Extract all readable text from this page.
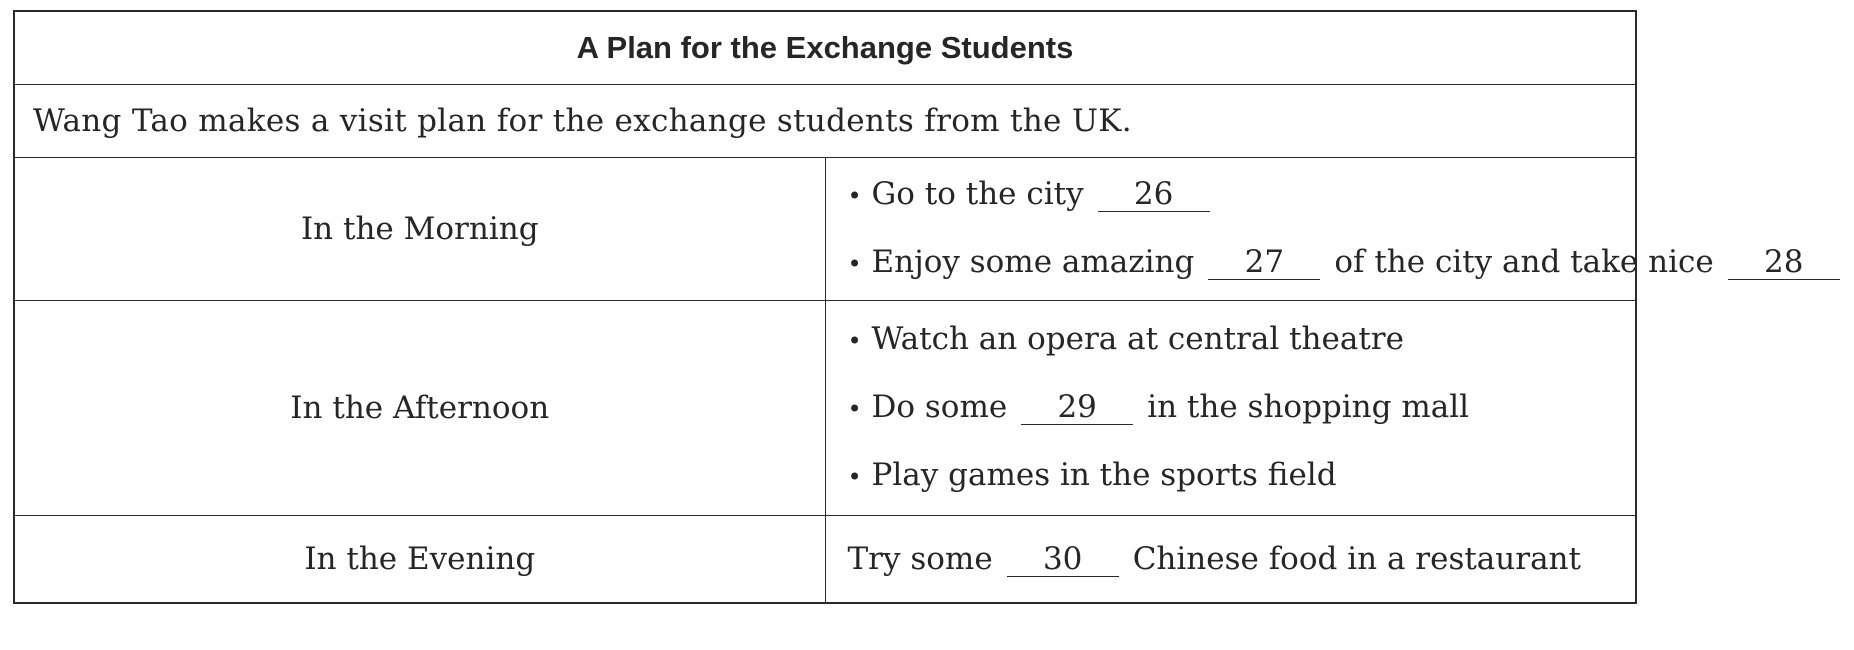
A Plan for the Exchange Students	
Wang Tao makes a visit plan for the exchange students from the UK.	
In the Morning	• Go to the city 26
• Enjoy some amazing 27 of the city and take nice 28

In the Afternoon	• Watch an opera at central theatre
• Do some 29 in the shopping mall
• Play games in the sports field

In the Evening	Try some 30 Chinese food in a restaurant
